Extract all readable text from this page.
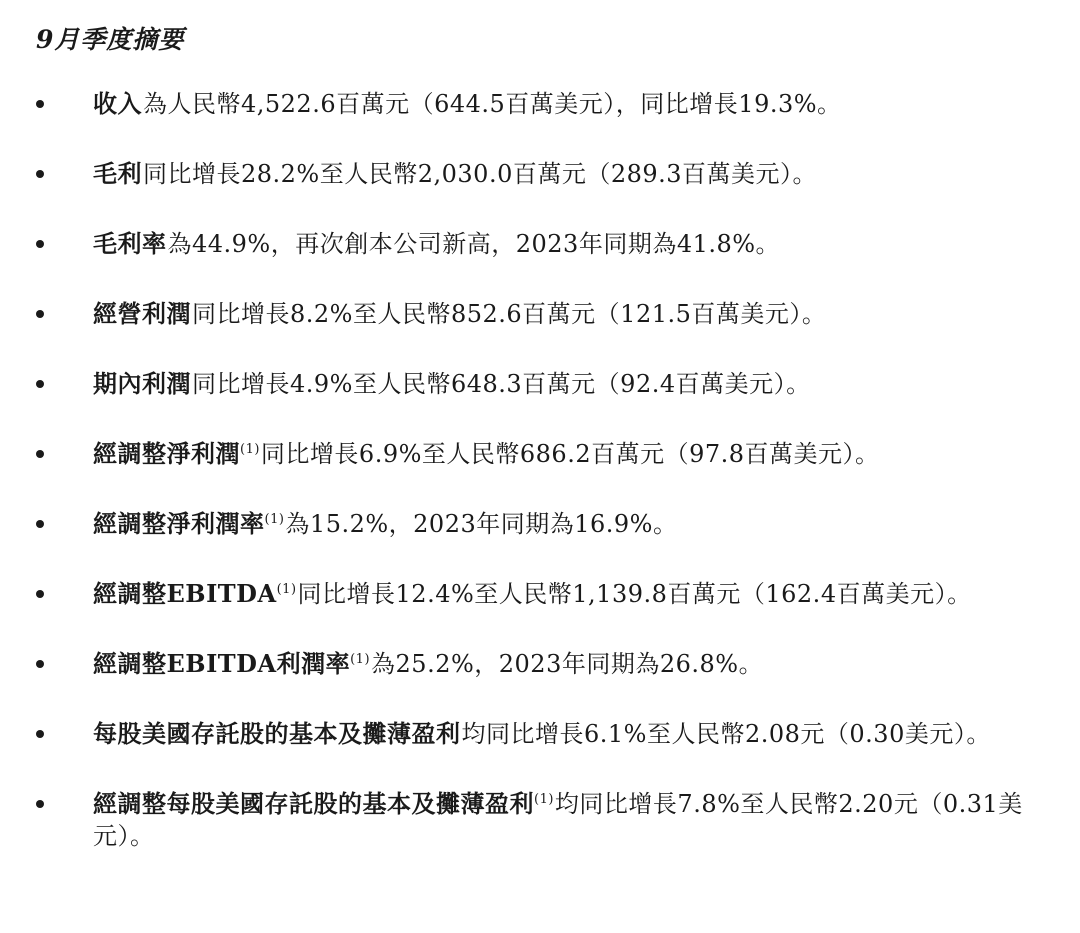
9月季度摘要
收入為人民幣4,522.6百萬元（644.5百萬美元），同比增長19.3%。
毛利同比增長28.2%至人民幣2,030.0百萬元（289.3百萬美元）。
毛利率為44.9%，再次創本公司新高，2023年同期為41.8%。
經營利潤同比增長8.2%至人民幣852.6百萬元（121.5百萬美元）。
期內利潤同比增長4.9%至人民幣648.3百萬元（92.4百萬美元）。
經調整淨利潤$^{(1)}$同比增長6.9%至人民幣686.2百萬元（97.8百萬美元）。
經調整淨利潤率$^{(1)}$為15.2%，2023年同期為16.9%。
經調整EBITDA$^{(1)}$同比增長12.4%至人民幣1,139.8百萬元（162.4百萬美元）。
經調整EBITDA利潤率$^{(1)}$為25.2%，2023年同期為26.8%。
每股美國存託股的基本及攤薄盈利均同比增長6.1%至人民幣2.08元（0.30美元）。
經調整每股美國存託股的基本及攤薄盈利$^{(1)}$均同比增長7.8%至人民幣2.20元（0.31美元）。
